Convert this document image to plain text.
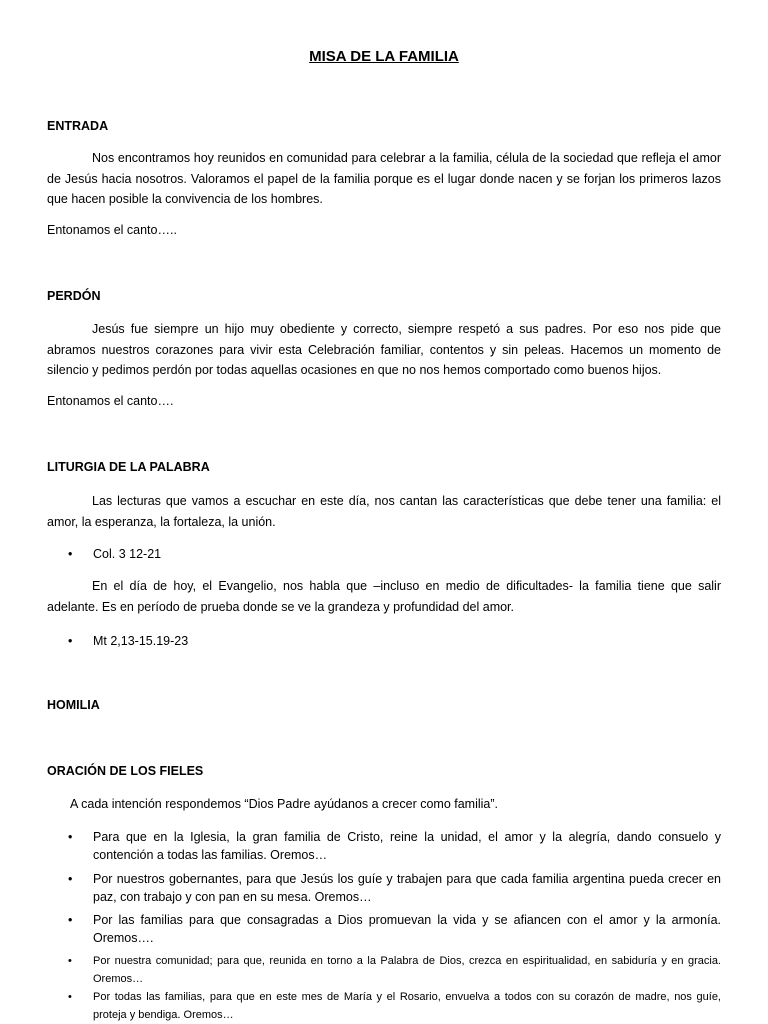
MISA DE LA FAMILIA

ENTRADA

Nos encontramos hoy reunidos en comunidad para celebrar a la familia, célula de la sociedad que refleja el amor de Jesús hacia nosotros. Valoramos el papel de la familia porque es el lugar donde nacen y se forjan los primeros lazos que hacen posible la convivencia de los hombres.

Entonamos el canto…..

PERDÓN

Jesús fue siempre un hijo muy obediente y correcto, siempre respetó a sus padres. Por eso nos pide que abramos nuestros corazones para vivir esta Celebración familiar, contentos y sin peleas. Hacemos un momento de silencio y pedimos perdón por todas aquellas ocasiones en que no nos hemos comportado como buenos hijos.

Entonamos el canto….

LITURGIA DE LA PALABRA

Las lecturas que vamos a escuchar en este día, nos cantan las características que debe tener una familia: el amor, la esperanza, la fortaleza, la unión.

• Col. 3 12-21

En el día de hoy, el Evangelio, nos habla que –incluso en medio de dificultades- la familia tiene que salir adelante. Es en período de prueba donde se ve la grandeza y profundidad del amor.

• Mt 2,13-15.19-23

HOMILIA

ORACIÓN DE LOS FIELES

A cada intención respondemos “Dios Padre ayúdanos a crecer como familia”.

• Para que en la Iglesia, la gran familia de Cristo, reine la unidad, el amor y la alegría, dando consuelo y contención a todas las familias. Oremos…
• Por nuestros gobernantes, para que Jesús los guíe y trabajen para que cada familia argentina pueda crecer en paz, con trabajo y con pan en su mesa. Oremos…
• Por las familias para que consagradas a Dios promuevan la vida y se afiancen con el amor y la armonía. Oremos….
• Por nuestra comunidad; para que, reunida en torno a la Palabra de Dios, crezca en espiritualidad, en sabiduría y en gracia. Oremos…
• Por todas las familias, para que en este mes de María y el Rosario, envuelva a todos con su corazón de madre, nos guíe, proteja y bendiga. Oremos…
